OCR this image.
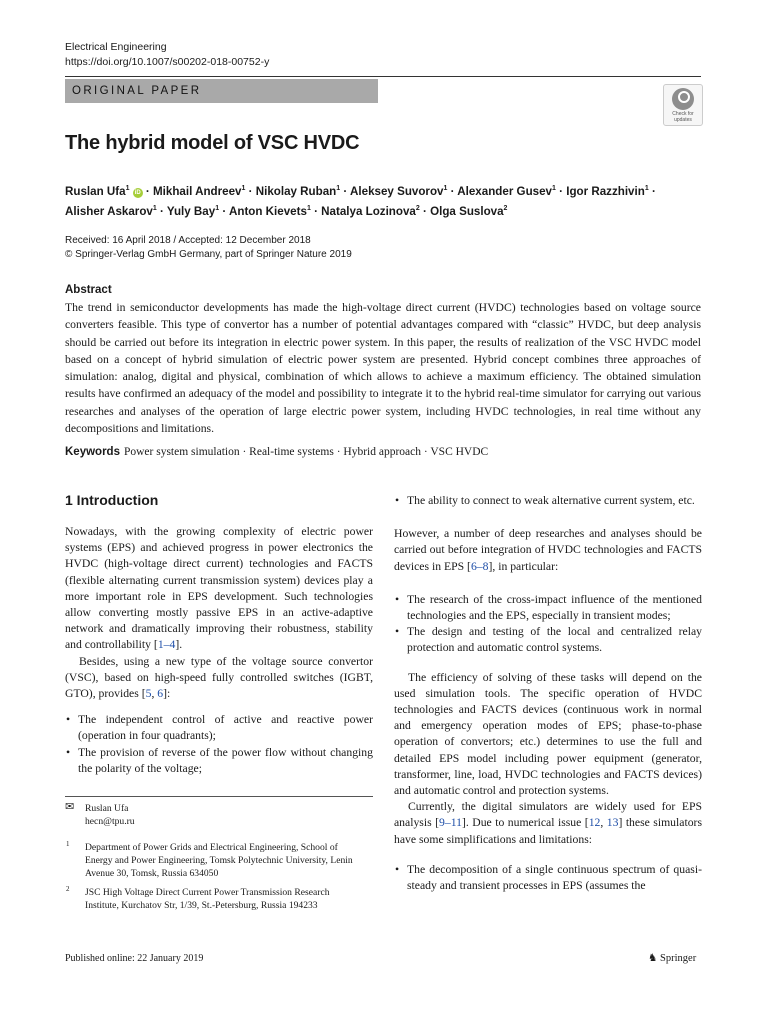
Electrical Engineering
https://doi.org/10.1007/s00202-018-00752-y
ORIGINAL PAPER
Check for
updates
The hybrid model of VSC HVDC
Ruslan Ufa$^1$ iD · Mikhail Andreev$^1$ · Nikolay Ruban$^1$ · Aleksey Suvorov$^1$ · Alexander Gusev$^1$ · Igor Razzhivin$^1$ ·
Alisher Askarov$^1$ · Yuly Bay$^1$ · Anton Kievets$^1$ · Natalya Lozinova$^2$ · Olga Suslova$^2$
Received: 16 April 2018 / Accepted: 12 December 2018
© Springer-Verlag GmbH Germany, part of Springer Nature 2019
Abstract
The trend in semiconductor developments has made the high-voltage direct current (HVDC) technologies based on voltage source converters feasible. This type of convertor has a number of potential advantages compared with “classic” HVDC, but deep analysis should be carried out before its integration in electric power system. In this paper, the results of realization of the VSC HVDC model based on a concept of hybrid simulation of electric power system are presented. Hybrid concept combines three approaches of simulation: analog, digital and physical, combination of which allows to achieve a maximum efficiency. The obtained simulation results have confirmed an adequacy of the model and possibility to integrate it to the hybrid real-time simulator for carrying out various researches and analyses of the operation of large electric power system, including HVDC technologies, in real time without any decompositions and limitations.
Keywords Power system simulation · Real-time systems · Hybrid approach · VSC HVDC
1 Introduction

Nowadays, with the growing complexity of electric power systems (EPS) and achieved progress in power electronics the HVDC (high-voltage direct current) technologies and FACTS (flexible alternating current transmission system) devices play a more important role in EPS development. Such technologies allow converting mostly passive EPS in an active-adaptive network and dramatically improving their robustness, stability and controllability [1–4].

Besides, using a new type of the voltage source convertor (VSC), based on high-speed fully controlled switches (IGBT, GTO), provides [5, 6]:

• The independent control of active and reactive power (operation in four quadrants);

• The provision of reverse of the power flow without changing the polarity of the voltage;

✉ Ruslan Ufa
hecn@tpu.ru
1 Department of Power Grids and Electrical Engineering, School of Energy and Power Engineering, Tomsk Polytechnic University, Lenin Avenue 30, Tomsk, Russia 634050
2 JSC High Voltage Direct Current Power Transmission Research Institute, Kurchatov Str, 1/39, St.-Petersburg, Russia 194233

• The ability to connect to weak alternative current system, etc.

However, a number of deep researches and analyses should be carried out before integration of HVDC technologies and FACTS devices in EPS [6–8], in particular:

• The research of the cross-impact influence of the mentioned technologies and the EPS, especially in transient modes;

• The design and testing of the local and centralized relay protection and automatic control systems.

The efficiency of solving of these tasks will depend on the used simulation tools. The specific operation of HVDC technologies and FACTS devices (continuous work in normal and emergency operation modes of EPS; phase-to-phase operation of convertors; etc.) determines to use the full and detailed EPS model including power equipment (generator, transformer, line, load, HVDC technologies and FACTS devices) and automatic control and protection systems.

Currently, the digital simulators are widely used for EPS analysis [9–11]. Due to numerical issue [12, 13] these simulators have some simplifications and limitations:

• The decomposition of a single continuous spectrum of quasi-steady and transient processes in EPS (assumes the

Published online: 22 January 2019	♞ Springer
